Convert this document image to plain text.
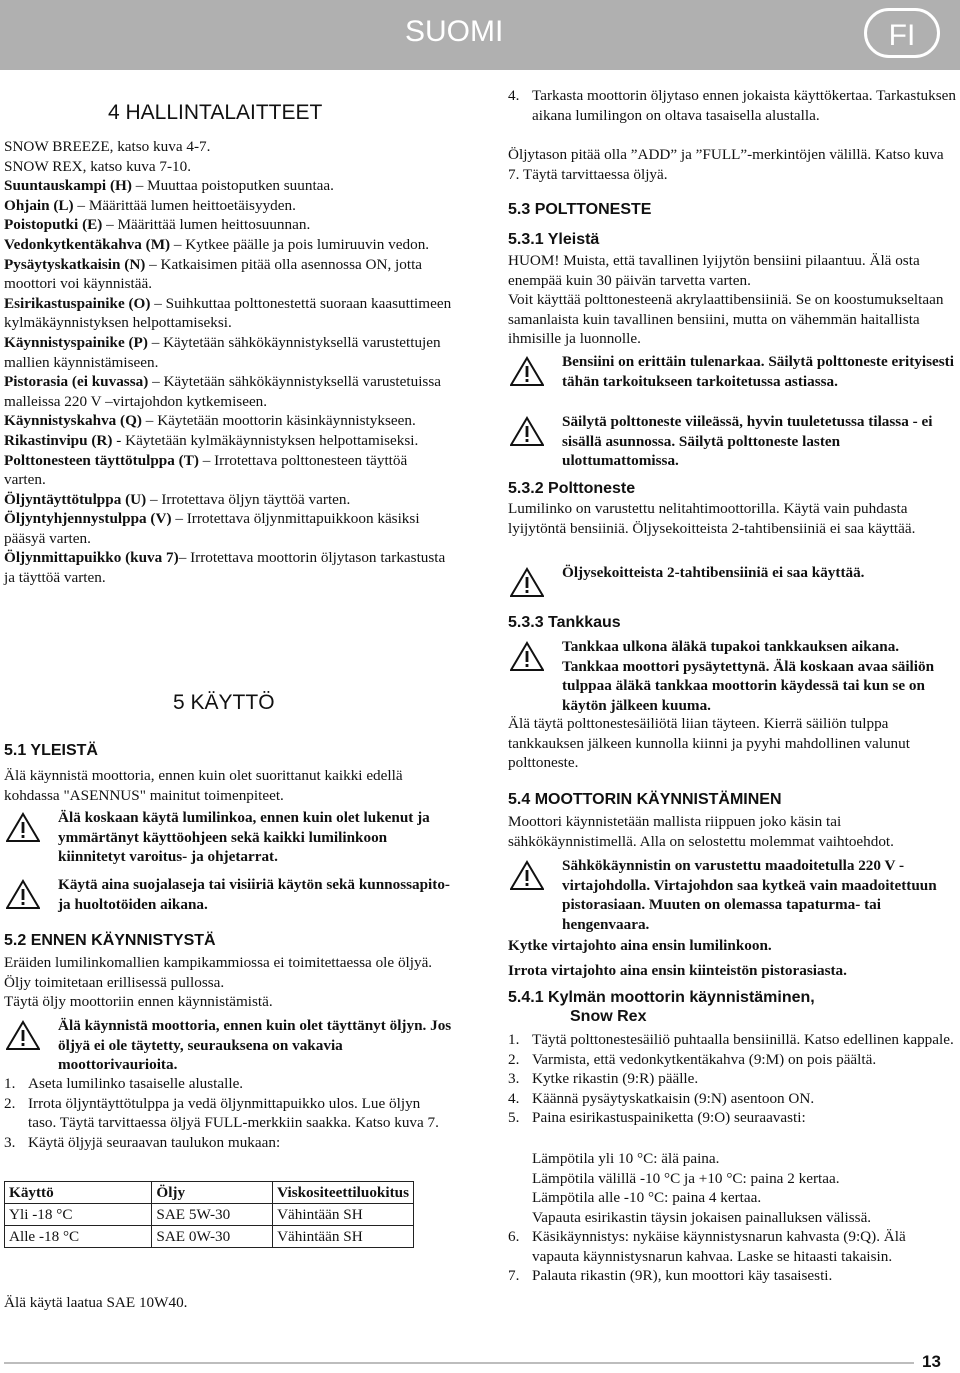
SUOMI	FI
4 HALLINTALAITTEET

SNOW BREEZE, katso kuva 4-7.

SNOW REX, katso kuva 7-10.

Suuntauskampi (H) – Muuttaa poistoputken suuntaa.

Ohjain (L) – Määrittää lumen heittoetäisyyden.

Poistoputki (E) – Määrittää lumen heittosuunnan.

Vedonkytkentäkahva (M) – Kytkee päälle ja pois lumiruuvin vedon.

Pysäytyskatkaisin (N) – Katkaisimen pitää olla asennossa ON, jotta moottori voi käynnistää.

Esirikastuspainike (O) – Suihkuttaa polttonestettä suoraan kaasuttimeen kylmäkäynnistyksen helpottamiseksi.

Käynnistyspainike (P) – Käytetään sähkökäynnistyksellä varustettujen mallien käynnistämiseen.

Pistorasia (ei kuvassa) – Käytetään sähkökäynnistyksellä varustetuissa malleissa 220 V –virtajohdon kytkemiseen.

Käynnistyskahva (Q) – Käytetään moottorin käsinkäynnistykseen.

Rikastinvipu (R) - Käytetään kylmäkäynnistyksen helpottamiseksi.

Polttonesteen täyttötulppa (T) – Irrotettava polttonesteen täyttöä varten.

Öljyntäyttötulppa (U) – Irrotettava öljyn täyttöä varten.

Öljyntyhjennystulppa (V) – Irrotettava öljynmittapuikkoon käsiksi pääsyä varten.

Öljynmittapuikko (kuva 7)– Irrotettava moottorin öljytason tarkastusta ja täyttöä varten.

5 KÄYTTÖ
5.1 YLEISTÄ
Älä käynnistä moottoria, ennen kuin olet suorittanut kaikki edellä kohdassa "ASENNUS" mainitut toimenpiteet.
Älä koskaan käytä lumilinkoa, ennen kuin olet lukenut ja ymmärtänyt käyttöohjeen sekä kaikki lumilinkoon kiinnitetyt varoitus- ja ohjetarrat.
Käytä aina suojalaseja tai visiiriä käytön sekä kunnossapito- ja huoltotöiden aikana.
5.2 ENNEN KÄYNNISTYSTÄ

Eräiden lumilinkomallien kampikammiossa ei toimitettaessa ole öljyä. Öljy toimitetaan erillisessä pullossa.

Täytä öljy moottoriin ennen käynnistämistä.

Älä käynnistä moottoria, ennen kuin olet täyttänyt öljyn. Jos öljyä ei ole täytetty, seurauksena on vakavia moottorivaurioita.
1. Aseta lumilinko tasaiselle alustalle.
2. Irrota öljyntäyttötulppa ja vedä öljynmittapuikko ulos. Lue öljyn taso. Täytä tarvittaessa öljyä FULL-merkkiin saakka. Katso kuva 7.
3. Käytä öljyjä seuraavan taulukon mukaan:
Käyttö	Öljy	Viskositeettiluokitus
Yli -18 °C	SAE 5W-30	Vähintään SH
Alle -18 °C	SAE 0W-30	Vähintään SH
Älä käytä laatua SAE 10W40.
4. Tarkasta moottorin öljytaso ennen jokaista käyttökertaa. Tarkastuksen aikana lumilingon on oltava tasaisella alustalla.
Öljytason pitää olla ”ADD” ja ”FULL”-merkintöjen välillä. Katso kuva 7. Täytä tarvittaessa öljyä.
5.3 POLTTONESTE
5.3.1 Yleistä

HUOM! Muista, että tavallinen lyijytön bensiini pilaantuu. Älä osta enempää kuin 30 päivän tarvetta varten.

Voit käyttää polttonesteenä akrylaattibensiiniä. Se on koostumukseltaan samanlaista kuin tavallinen bensiini, mutta on vähemmän haitallista ihmisille ja luonnolle.

Bensiini on erittäin tulenarkaa. Säilytä polttoneste erityisesti tähän tarkoitukseen tarkoitetussa astiassa.
Säilytä polttoneste viileässä, hyvin tuuletetussa tilassa - ei sisällä asunnossa. Säilytä polttoneste lasten ulottumattomissa.
5.3.2 Polttoneste
Lumilinko on varustettu nelitahtimoottorilla. Käytä vain puhdasta lyijytöntä bensiiniä. Öljysekoitteista 2-tahtibensiiniä ei saa käyttää.
Öljysekoitteista 2-tahtibensiiniä ei saa käyttää.
5.3.3 Tankkaus
Tankkaa ulkona äläkä tupakoi tankkauksen aikana. Tankkaa moottori pysäytettynä. Älä koskaan avaa säiliön tulppaa äläkä tankkaa moottorin käydessä tai kun se on käytön jälkeen kuuma.
Älä täytä polttonestesäiliötä liian täyteen. Kierrä säiliön tulppa tankkauksen jälkeen kunnolla kiinni ja pyyhi mahdollinen valunut polttoneste.
5.4 MOOTTORIN KÄYNNISTÄMINEN
Moottori käynnistetään mallista riippuen joko käsin tai sähkökäynnistimellä. Alla on selostettu molemmat vaihtoehdot.
Sähkökäynnistin on varustettu maadoitetulla 220 V -virtajohdolla. Virtajohdon saa kytkeä vain maadoitettuun pistorasiaan. Muuten on olemassa tapaturma- tai hengenvaara.
Kytke virtajohto aina ensin lumilinkoon.
Irrota virtajohto aina ensin kiinteistön pistorasiasta.
5.4.1 Kylmän moottorin käynnistäminen,
Snow Rex
1. Täytä polttonestesäiliö puhtaalla bensiinillä. Katso edellinen kappale.
2. Varmista, että vedonkytkentäkahva (9:M) on pois päältä.
3. Kytke rikastin (9:R) päälle.
4. Käännä pysäytyskatkaisin (9:N) asentoon ON.
5. Paina esirikastuspainiketta (9:O) seuraavasti:

Lämpötila yli 10 °C: älä paina.

Lämpötila välillä -10 °C ja +10 °C: paina 2 kertaa.

Lämpötila alle -10 °C: paina 4 kertaa.

Vapauta esirikastin täysin jokaisen painalluksen välissä.

6. Käsikäynnistys: nykäise käynnistysnarun kahvasta (9:Q). Älä vapauta käynnistysnarun kahvaa. Laske se hitaasti takaisin.
7. Palauta rikastin (9R), kun moottori käy tasaisesti.
13
